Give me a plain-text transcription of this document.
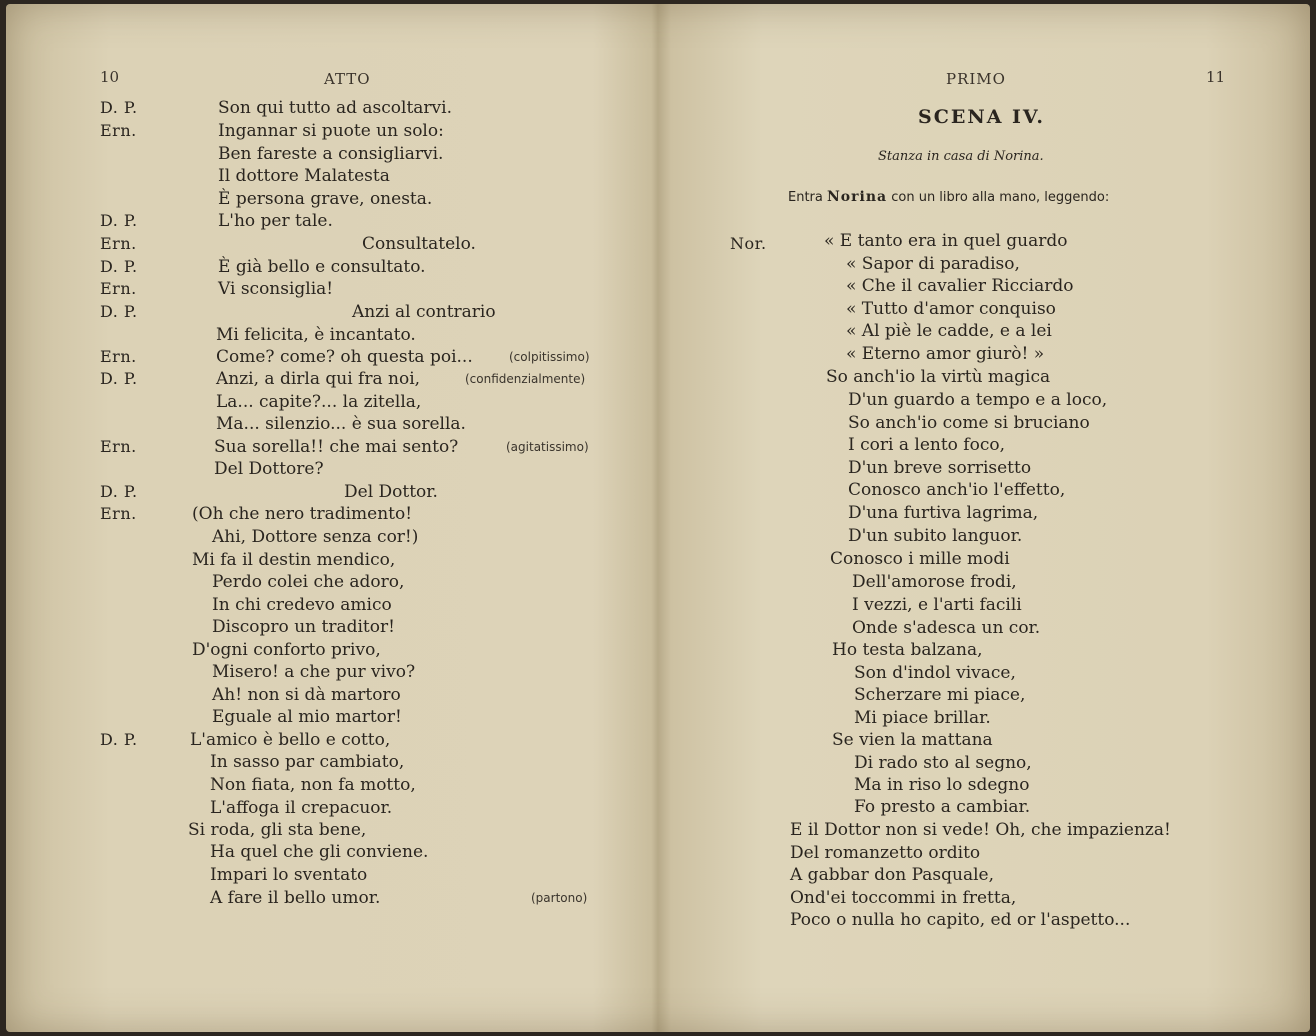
10	ATTO
D. P.	Son qui tutto ad ascoltarvi.
Ern.	Ingannar si puote un solo:
Ben fareste a consigliarvi.
Il dottore Malatesta
È persona grave, onesta.
D. P.	L'ho per tale.
Ern.	Consultatelo.
D. P.	È già bello e consultato.
Ern.	Vi sconsiglia!
D. P.	Anzi al contrario
Mi felicita, è incantato.
Ern.	Come? come? oh questa poi...	(colpitissimo)
D. P.	Anzi, a dirla qui fra noi,	(confidenzialmente)
La... capite?... la zitella,
Ma... silenzio... è sua sorella.
Ern.	Sua sorella!! che mai sento?	(agitatissimo)
Del Dottore?
D. P.	Del Dottor.
Ern.	(Oh che nero tradimento!
Ahi, Dottore senza cor!)
Mi fa il destin mendico,
Perdo colei che adoro,
In chi credevo amico
Discopro un traditor!
D'ogni conforto privo,
Misero! a che pur vivo?
Ah! non si dà martoro
Eguale al mio martor!
D. P.	L'amico è bello e cotto,
In sasso par cambiato,
Non fiata, non fa motto,
L'affoga il crepacuor.
Si roda, gli sta bene,
Ha quel che gli conviene.
Impari lo sventato
A fare il bello umor.	(partono)
PRIMO	11
SCENA IV.
Stanza in casa di Norina.
Entra Norina con un libro alla mano, leggendo:
Nor.	« E tanto era in quel guardo
« Sapor di paradiso,
« Che il cavalier Ricciardo
« Tutto d'amor conquiso
« Al piè le cadde, e a lei
« Eterno amor giurò! »
So anch'io la virtù magica
D'un guardo a tempo e a loco,
So anch'io come si bruciano
I cori a lento foco,
D'un breve sorrisetto
Conosco anch'io l'effetto,
D'una furtiva lagrima,
D'un subito languor.
Conosco i mille modi
Dell'amorose frodi,
I vezzi, e l'arti facili
Onde s'adesca un cor.
Ho testa balzana,
Son d'indol vivace,
Scherzare mi piace,
Mi piace brillar.
Se vien la mattana
Di rado sto al segno,
Ma in riso lo sdegno
Fo presto a cambiar.
E il Dottor non si vede! Oh, che impazienza!
Del romanzetto ordito
A gabbar don Pasquale,
Ond'ei toccommi in fretta,
Poco o nulla ho capito, ed or l'aspetto...
